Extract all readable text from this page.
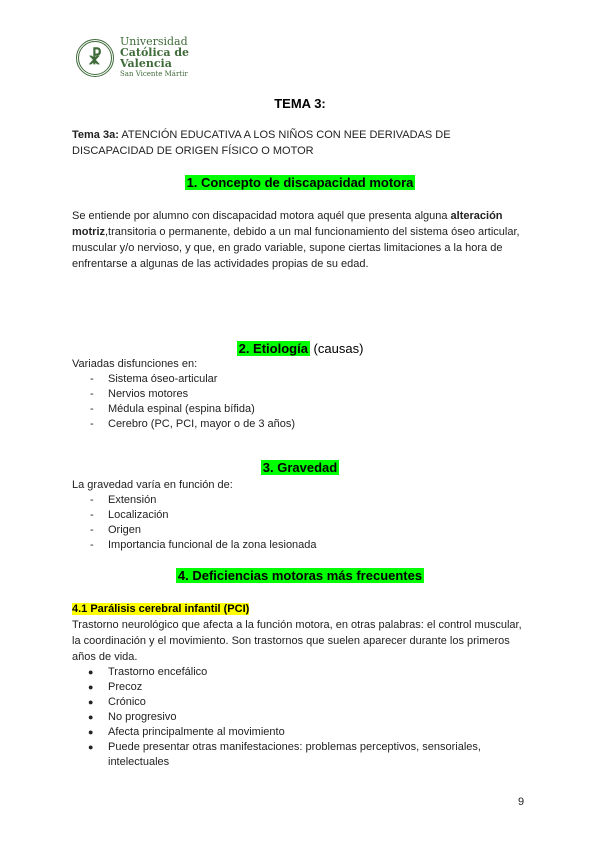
☧
Universidad
Católica de
Valencia
San Vicente Mártir
TEMA 3:
Tema 3a: ATENCIÓN EDUCATIVA A LOS NIÑOS CON NEE DERIVADAS DE DISCAPACIDAD DE ORIGEN FÍSICO O MOTOR
1. Concepto de discapacidad motora
Se entiende por alumno con discapacidad motora aquél que presenta alguna alteración motriz,transitoria o permanente, debido a un mal funcionamiento del sistema óseo articular, muscular y/o nervioso, y que, en grado variable, supone ciertas limitaciones a la hora de enfrentarse a algunas de las actividades propias de su edad.
2. Etiología (causas)
Variadas disfunciones en:
- Sistema óseo-articular
- Nervios motores
- Médula espinal (espina bífida)
- Cerebro (PC, PCI, mayor o de 3 años)
3. Gravedad
La gravedad varía en función de:
- Extensión
- Localización
- Origen
- Importancia funcional de la zona lesionada
4. Deficiencias motoras más frecuentes
4.1 Parálisis cerebral infantil (PCI)
Trastorno neurológico que afecta a la función motora, en otras palabras: el control muscular, la coordinación y el movimiento. Son trastornos que suelen aparecer durante los primeros años de vida.
● Trastorno encefálico
● Precoz
● Crónico
● No progresivo
● Afecta principalmente al movimiento
● Puede presentar otras manifestaciones: problemas perceptivos, sensoriales, intelectuales
9
